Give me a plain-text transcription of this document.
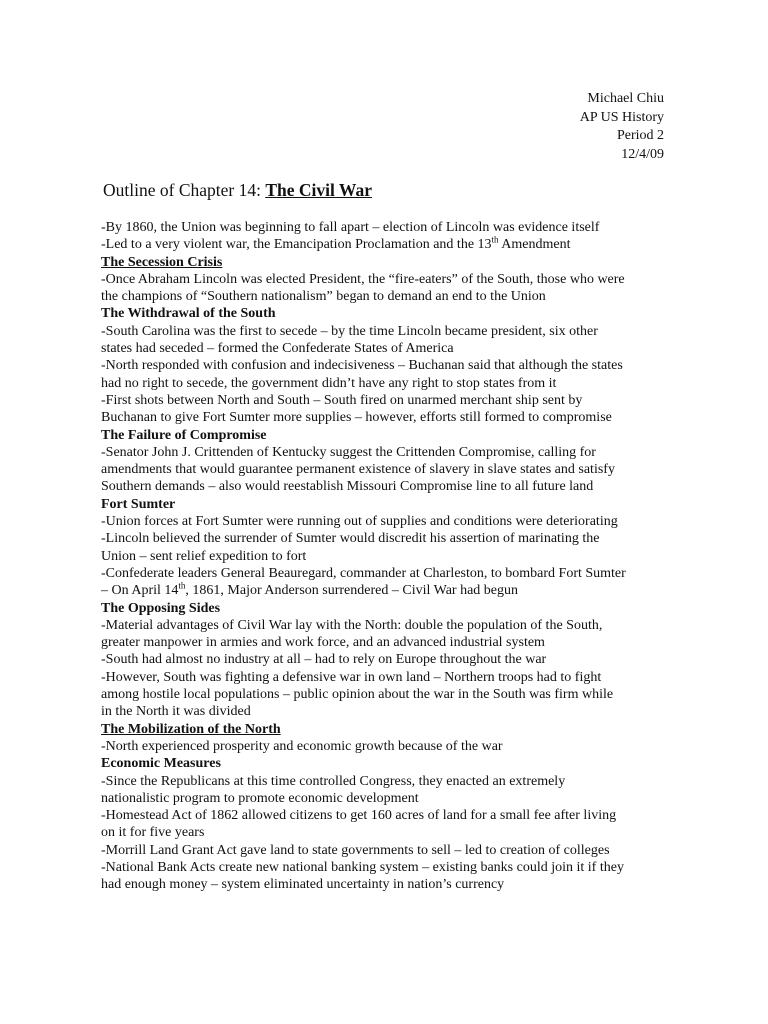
Michael Chiu
AP US History
Period 2
12/4/09
Outline of Chapter 14: The Civil War
-By 1860, the Union was beginning to fall apart – election of Lincoln was evidence itself
-Led to a very violent war, the Emancipation Proclamation and the 13th Amendment
The Secession Crisis
-Once Abraham Lincoln was elected President, the “fire-eaters” of the South, those who were
the champions of “Southern nationalism” began to demand an end to the Union
The Withdrawal of the South
-South Carolina was the first to secede – by the time Lincoln became president, six other
states had seceded – formed the Confederate States of America
-North responded with confusion and indecisiveness – Buchanan said that although the states
had no right to secede, the government didn’t have any right to stop states from it
-First shots between North and South – South fired on unarmed merchant ship sent by
Buchanan to give Fort Sumter more supplies – however, efforts still formed to compromise
The Failure of Compromise
-Senator John J. Crittenden of Kentucky suggest the Crittenden Compromise, calling for
amendments that would guarantee permanent existence of slavery in slave states and satisfy
Southern demands – also would reestablish Missouri Compromise line to all future land
Fort Sumter
-Union forces at Fort Sumter were running out of supplies and conditions were deteriorating
-Lincoln believed the surrender of Sumter would discredit his assertion of marinating the
Union – sent relief expedition to fort
-Confederate leaders General Beauregard, commander at Charleston, to bombard Fort Sumter
– On April 14th, 1861, Major Anderson surrendered – Civil War had begun
The Opposing Sides
-Material advantages of Civil War lay with the North: double the population of the South,
greater manpower in armies and work force, and an advanced industrial system
-South had almost no industry at all – had to rely on Europe throughout the war
-However, South was fighting a defensive war in own land – Northern troops had to fight
among hostile local populations – public opinion about the war in the South was firm while
in the North it was divided
The Mobilization of the North
-North experienced prosperity and economic growth because of the war
Economic Measures
-Since the Republicans at this time controlled Congress, they enacted an extremely
nationalistic program to promote economic development
-Homestead Act of 1862 allowed citizens to get 160 acres of land for a small fee after living
on it for five years
-Morrill Land Grant Act gave land to state governments to sell – led to creation of colleges
-National Bank Acts create new national banking system – existing banks could join it if they
had enough money – system eliminated uncertainty in nation’s currency
